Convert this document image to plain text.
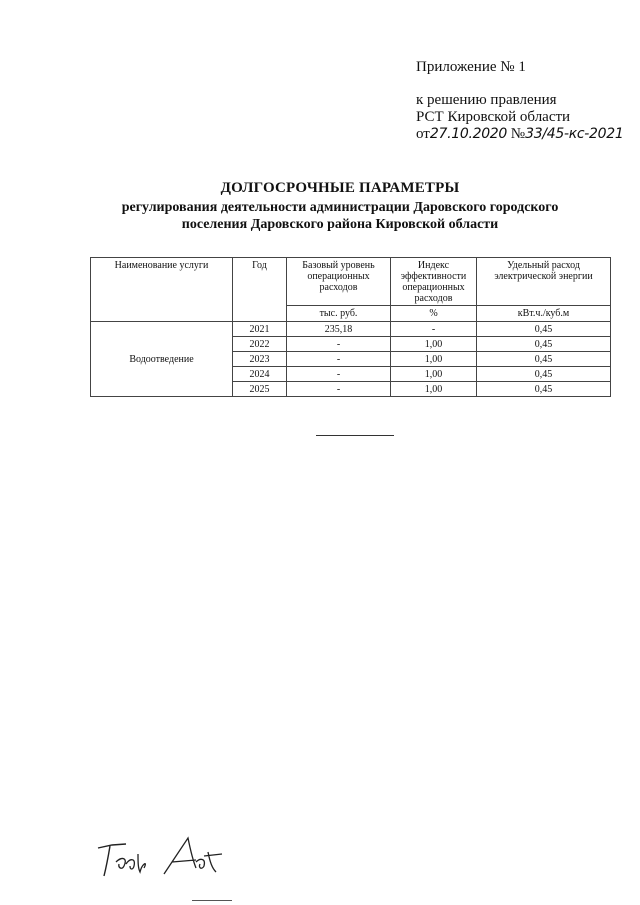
Приложение № 1
к решению правления
РСТ Кировской области
от27.10.2020 №33/45-кс-2021
ДОЛГОСРОЧНЫЕ ПАРАМЕТРЫ
регулирования деятельности администрации Даровского городского
поселения Даровского района Кировской области
Наименование услуги	Год	Базовый уровень операционных расходов	Индекс эффективности операционных расходов	Удельный расход электрической энергии
		тыс. руб.	%	кВт.ч./куб.м
Водоотведение	2021	235,18	-	0,45
	2022	-	1,00	0,45
	2023	-	1,00	0,45
	2024	-	1,00	0,45
	2025	-	1,00	0,45
